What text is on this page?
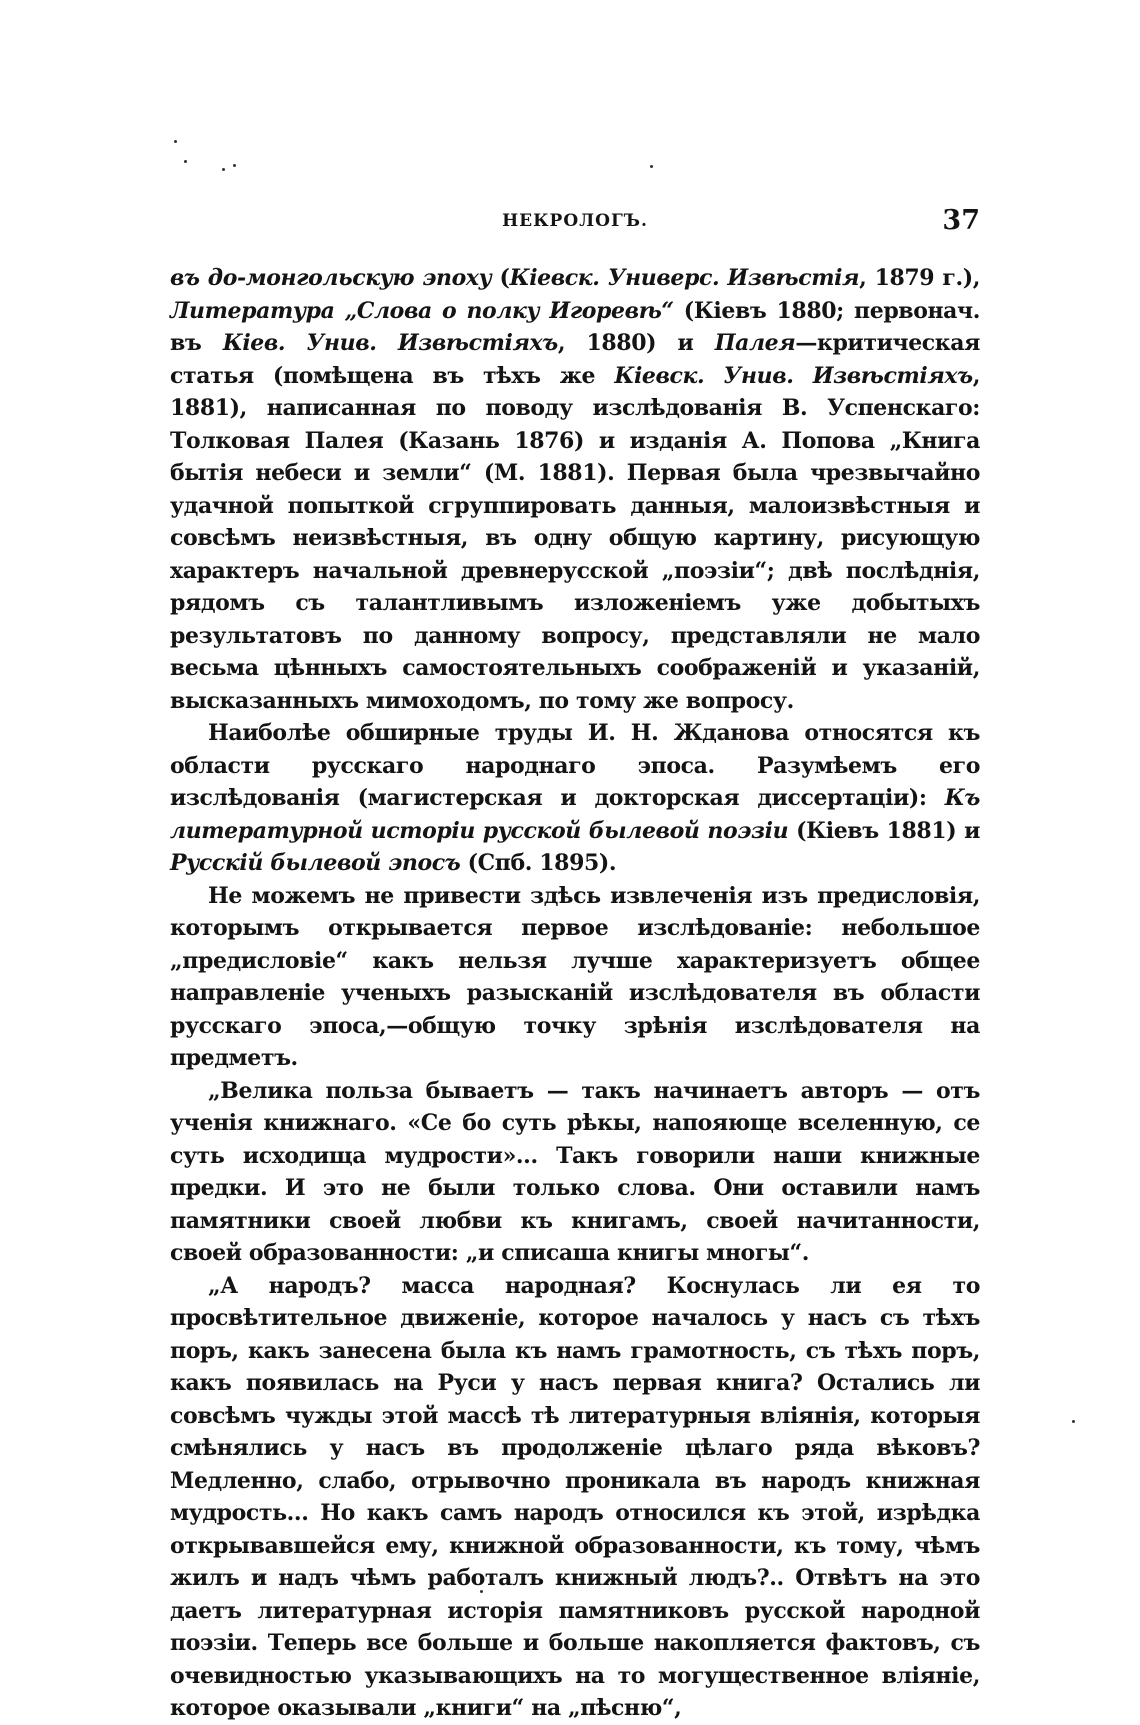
НЕКРОЛОГЪ.	37

въ до-монгольскую эпоху (Кіевск. Универс. Извѣстія, 1879 г.), Литература „Слова о полку Игоревѣ“ (Кіевъ 1880; первонач. въ Кіев. Унив. Извѣстіяхъ, 1880) и Палея—критическая статья (помѣщена въ тѣхъ же Кіевск. Унив. Извѣстіяхъ, 1881), написанная по поводу изслѣдованія В. Успенскаго: Толковая Палея (Казань 1876) и изданія А. Попова „Книга бытія небеси и земли“ (М. 1881). Первая была чрезвычайно удачной попыткой сгруппировать данныя, малоизвѣстныя и совсѣмъ неизвѣстныя, въ одну общую картину, рисующую характеръ начальной древнерусской „поэзіи“; двѣ послѣднія, рядомъ съ талантливымъ изложеніемъ уже добытыхъ результатовъ по данному вопросу, представляли не мало весьма цѣнныхъ самостоятельныхъ соображеній и указаній, высказанныхъ мимоходомъ, по тому же вопросу.

Наиболѣе обширные труды И. Н. Жданова относятся къ области русскаго народнаго эпоса. Разумѣемъ его изслѣдованія (магистерская и докторская диссертаціи): Къ литературной исторіи русской былевой поэзіи (Кіевъ 1881) и Русскій былевой эпосъ (Спб. 1895).

Не можемъ не привести здѣсь извлеченія изъ предисловія, которымъ открывается первое изслѣдованіе: небольшое „предисловіе“ какъ нельзя лучше характеризуетъ общее направленіе ученыхъ разысканій изслѣдователя въ области русскаго эпоса,—общую точку зрѣнія изслѣдователя на предметъ.

„Велика польза бываетъ — такъ начинаетъ авторъ — отъ ученія книжнаго. «Се бо суть рѣкы, напояюще вселенную, се суть исходища мудрости»... Такъ говорили наши книжные предки. И это не были только слова. Они оставили намъ памятники своей любви къ книгамъ, своей начитанности, своей образованности: „и списаша книгы многы“.

„А народъ? масса народная? Коснулась ли ея то просвѣтительное движеніе, которое началось у насъ съ тѣхъ поръ, какъ занесена была къ намъ грамотность, съ тѣхъ поръ, какъ появилась на Руси у насъ первая книга? Остались ли совсѣмъ чужды этой массѣ тѣ литературныя вліянія, которыя смѣнялись у насъ въ продолженіе цѣлаго ряда вѣковъ? Медленно, слабо, отрывочно проникала въ народъ книжная мудрость... Но какъ самъ народъ относился къ этой, изрѣдка открывавшейся ему, книжной образованности, къ тому, чѣмъ жилъ и надъ чѣмъ работалъ книжный людъ?.. Отвѣтъ на это даетъ литературная исторія памятниковъ русской народной поэзіи. Теперь все больше и больше накопляется фактовъ, съ очевидностью указывающихъ на то могущественное вліяніе, которое оказывали „книги“ на „пѣсню“,
